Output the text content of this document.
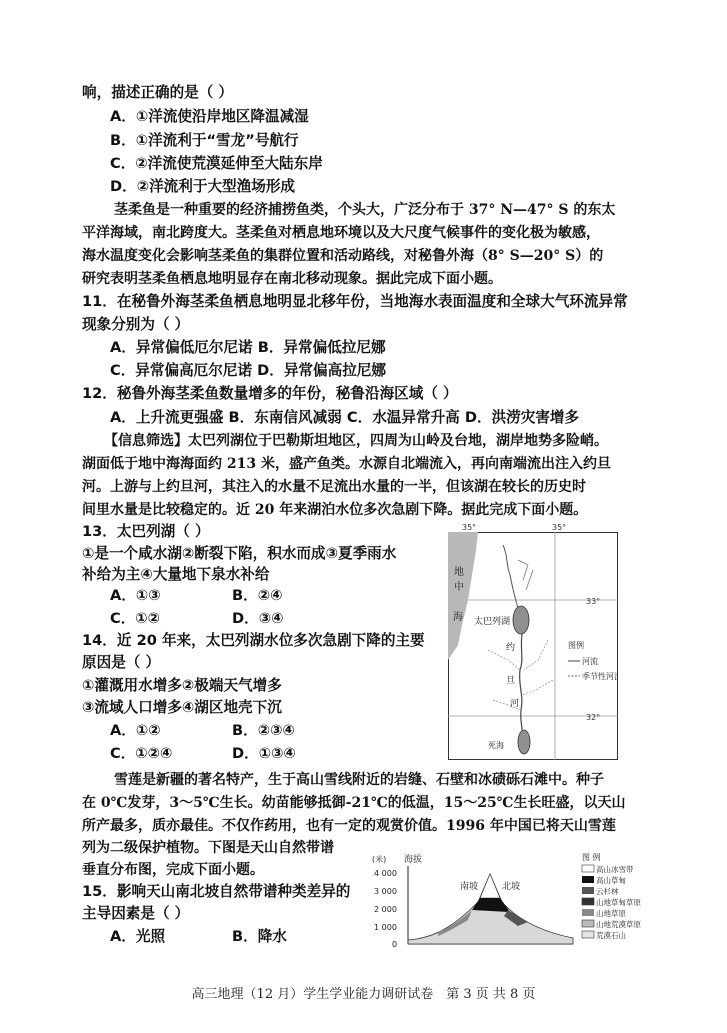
响，描述正确的是（ ）
A．①洋流使沿岸地区降温减湿
B．①洋流利于“雪龙”号航行
C．②洋流使荒漠延伸至大陆东岸
D．②洋流利于大型渔场形成
茎柔鱼是一种重要的经济捕捞鱼类，个头大，广泛分布于 37° N—47° S 的东太
平洋海域，南北跨度大。茎柔鱼对栖息地环境以及大尺度气候事件的变化极为敏感，
海水温度变化会影响茎柔鱼的集群位置和活动路线，对秘鲁外海（8° S—20° S）的
研究表明茎柔鱼栖息地明显存在南北移动现象。据此完成下面小题。
11．在秘鲁外海茎柔鱼栖息地明显北移年份，当地海水表面温度和全球大气环流异常
现象分别为（ ）
A．异常偏低厄尔尼诺 B．异常偏低拉尼娜
C．异常偏高厄尔尼诺 D．异常偏高拉尼娜
12．秘鲁外海茎柔鱼数量增多的年份，秘鲁沿海区域（ ）
A．上升流更强盛 B．东南信风减弱 C．水温异常升高 D．洪涝灾害增多
【信息筛选】太巴列湖位于巴勒斯坦地区，四周为山岭及台地，湖岸地势多险峭。
湖面低于地中海海面约 213 米，盛产鱼类。水源自北端流入，再向南端流出注入约旦
河。上游与上约旦河，其注入的水量不足流出水量的一半，但该湖在较长的历史时
间里水量是比较稳定的。近 20 年来湖泊水位多次急剧下降。据此完成下面小题。
13．太巴列湖（ ）
①是一个咸水湖②断裂下陷，积水而成③夏季雨水
补给为主④大量地下泉水补给
A．①③	B．②④
C．①②	D．③④
14．近 20 年来，太巴列湖水位多次急剧下降的主要
原因是（ ）
①灌溉用水增多②极端天气增多
③流域人口增多④湖区地壳下沉
A．①②	B．②③④
C．①②④	D．①③④
雪莲是新疆的著名特产，生于高山雪线附近的岩缝、石壁和冰碛砾石滩中。种子
在 0℃发芽，3～5℃生长。幼苗能够抵御-21℃的低温，15～25℃生长旺盛，以天山
所产最多，质亦最佳。不仅作药用，也有一定的观赏价值。1996 年中国已将天山雪莲
列为二级保护植物。下图是天山自然带谱
垂直分布图，完成下面小题。
15．影响天山南北坡自然带谱种类差异的
主导因素是（ ）
A．光照	B．降水
35°	35°
33°
32°
地
中
海 太巴列湖
约
旦
河
死海
图例
河流
季节性河流
(米) 海拔
4 000
3 000
2 000
1 000
0
南坡	北坡
图 例
高山冰雪带
高山草甸
云杉林
山地草甸草原
山地草原
山地荒漠草原
荒漠石山
高三地理（12 月）学生学业能力调研试卷　第 3 页 共 8 页
